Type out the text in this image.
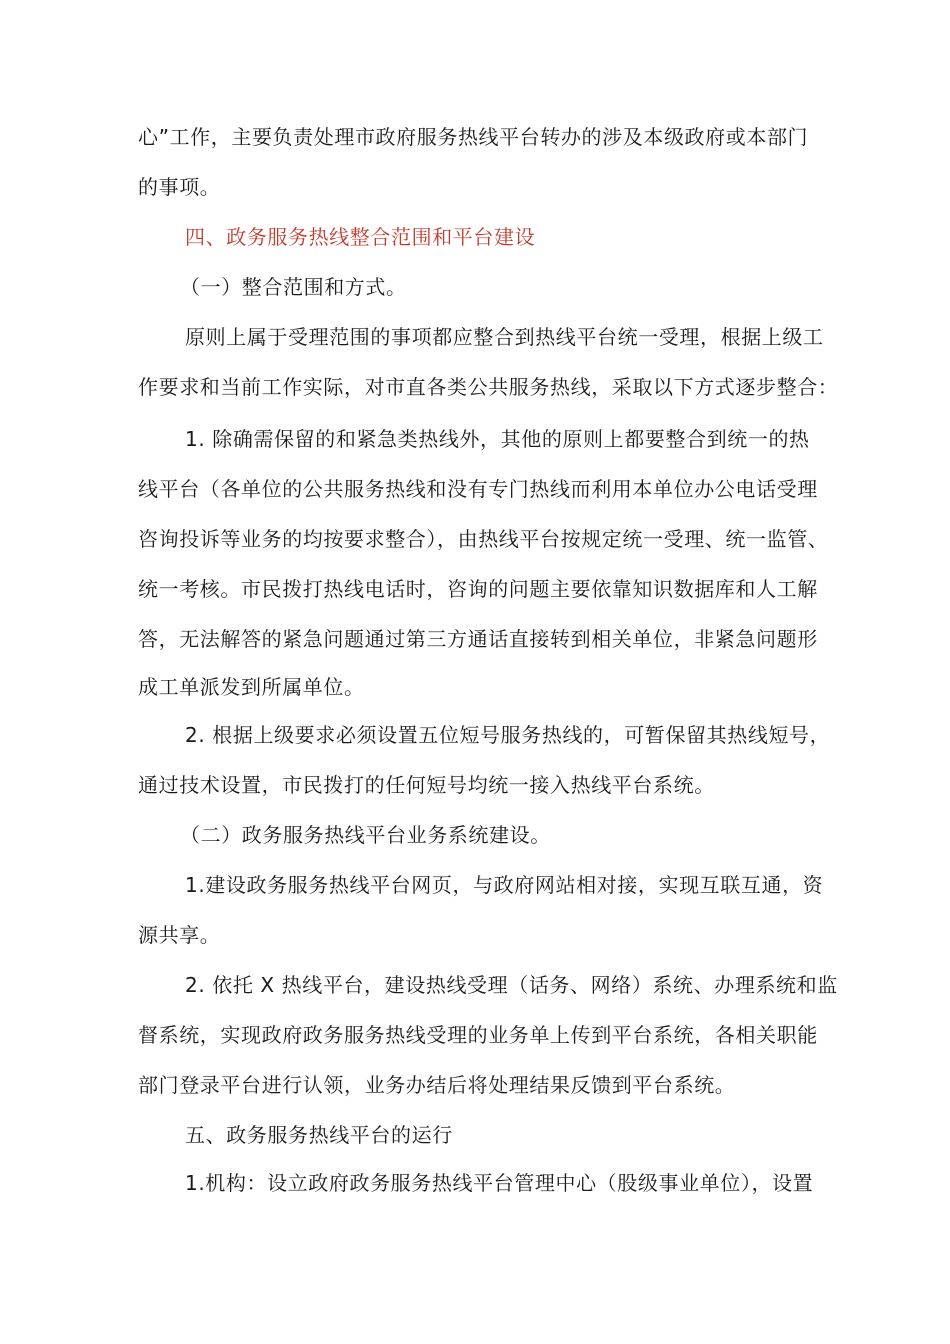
心”工作，主要负责处理市政府服务热线平台转办的涉及本级政府或本部门

的事项。

四、政务服务热线整合范围和平台建设

（一）整合范围和方式。

原则上属于受理范围的事项都应整合到热线平台统一受理，根据上级工

作要求和当前工作实际，对市直各类公共服务热线，采取以下方式逐步整合：

1. 除确需保留的和紧急类热线外，其他的原则上都要整合到统一的热

线平台（各单位的公共服务热线和没有专门热线而利用本单位办公电话受理

咨询投诉等业务的均按要求整合），由热线平台按规定统一受理、统一监管、

统一考核。市民拨打热线电话时，咨询的问题主要依靠知识数据库和人工解

答，无法解答的紧急问题通过第三方通话直接转到相关单位，非紧急问题形

成工单派发到所属单位。

2. 根据上级要求必须设置五位短号服务热线的，可暂保留其热线短号，

通过技术设置，市民拨打的任何短号均统一接入热线平台系统。

（二）政务服务热线平台业务系统建设。

1.建设政务服务热线平台网页，与政府网站相对接，实现互联互通，资

源共享。

2. 依托 X 热线平台，建设热线受理（话务、网络）系统、办理系统和监

督系统，实现政府政务服务热线受理的业务单上传到平台系统，各相关职能

部门登录平台进行认领，业务办结后将处理结果反馈到平台系统。

五、政务服务热线平台的运行

1.机构：设立政府政务服务热线平台管理中心（股级事业单位），设置
